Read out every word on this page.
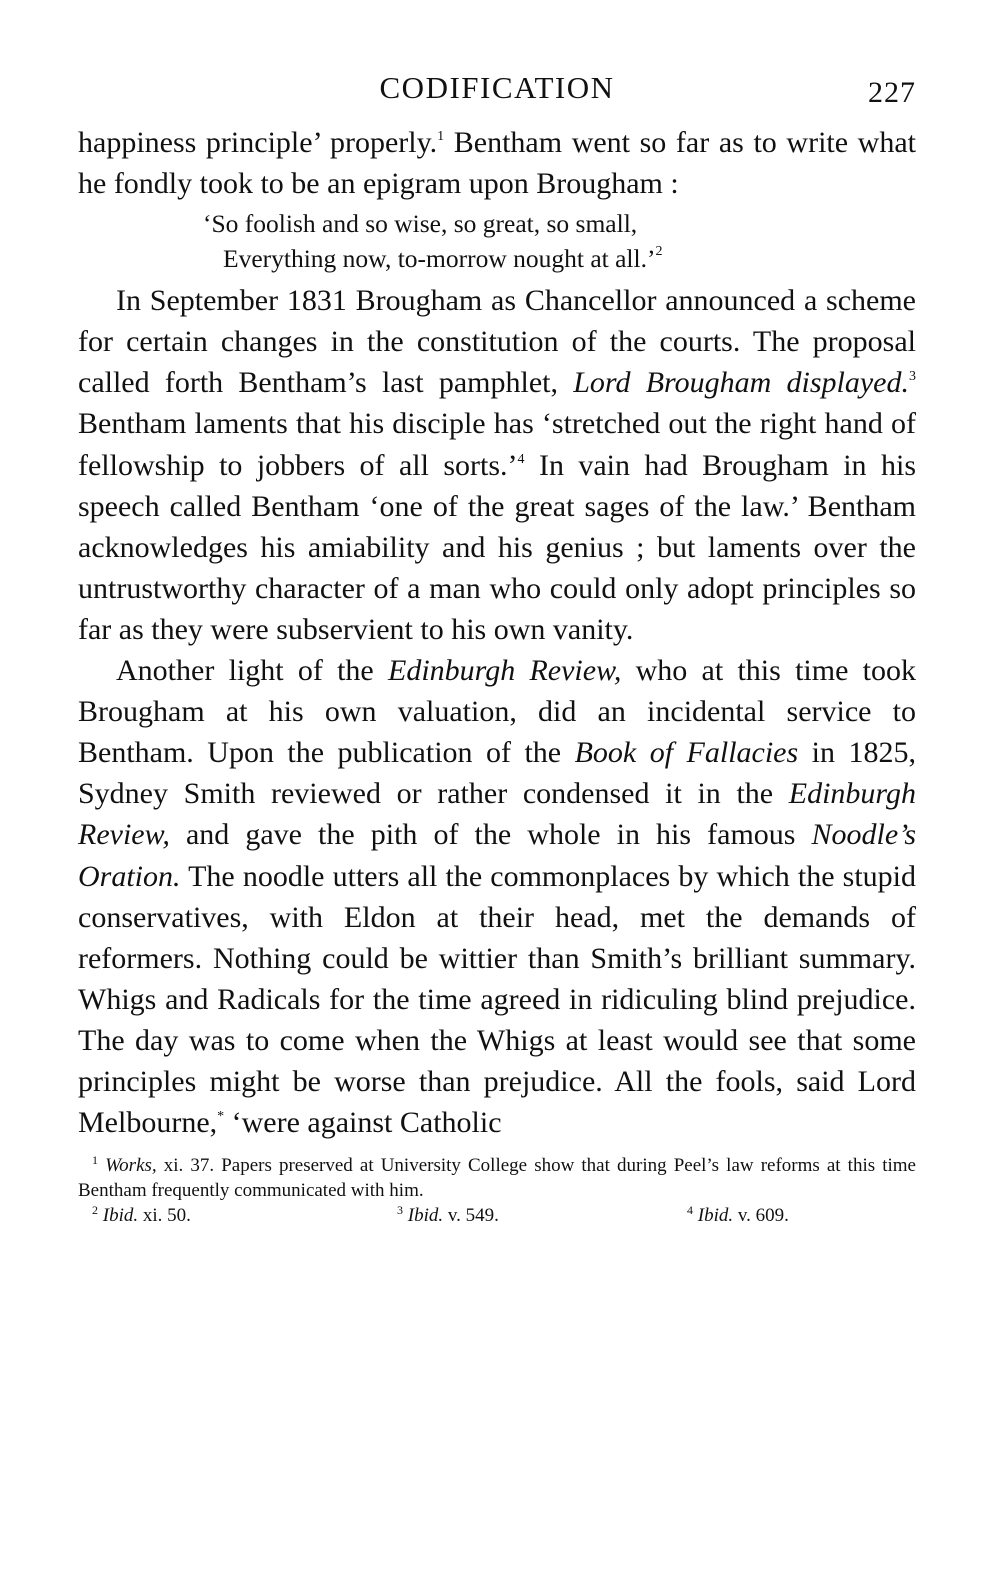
CODIFICATION	227

happiness principle’ properly.$^1$ Bentham went so far as to write what he fondly took to be an epigram upon Brougham :

‘So foolish and so wise, so great, so small,
Everything now, to-morrow nought at all.’$^2$

In September 1831 Brougham as Chancellor announced a scheme for certain changes in the constitution of the courts. The proposal called forth Bentham’s last pamphlet, Lord Brougham displayed.$^3$ Bentham laments that his disciple has ‘stretched out the right hand of fellowship to jobbers of all sorts.’$^4$ In vain had Brougham in his speech called Bentham ‘one of the great sages of the law.’ Bentham acknowledges his amiability and his genius ; but laments over the untrustworthy character of a man who could only adopt principles so far as they were subservient to his own vanity.

Another light of the Edinburgh Review, who at this time took Brougham at his own valuation, did an incidental service to Bentham. Upon the publication of the Book of Fallacies in 1825, Sydney Smith reviewed or rather condensed it in the Edinburgh Review, and gave the pith of the whole in his famous Noodle’s Oration. The noodle utters all the commonplaces by which the stupid conservatives, with Eldon at their head, met the demands of reformers. Nothing could be wittier than Smith’s brilliant summary. Whigs and Radicals for the time agreed in ridiculing blind prejudice. The day was to come when the Whigs at least would see that some principles might be worse than prejudice. All the fools, said Lord Melbourne,* ‘were against Catholic

$^1$ Works, xi. 37. Papers preserved at University College show that during Peel’s law reforms at this time Bentham frequently communicated with him.
$^2$ Ibid. xi. 50.	$^3$ Ibid. v. 549.	$^4$ Ibid. v. 609.
